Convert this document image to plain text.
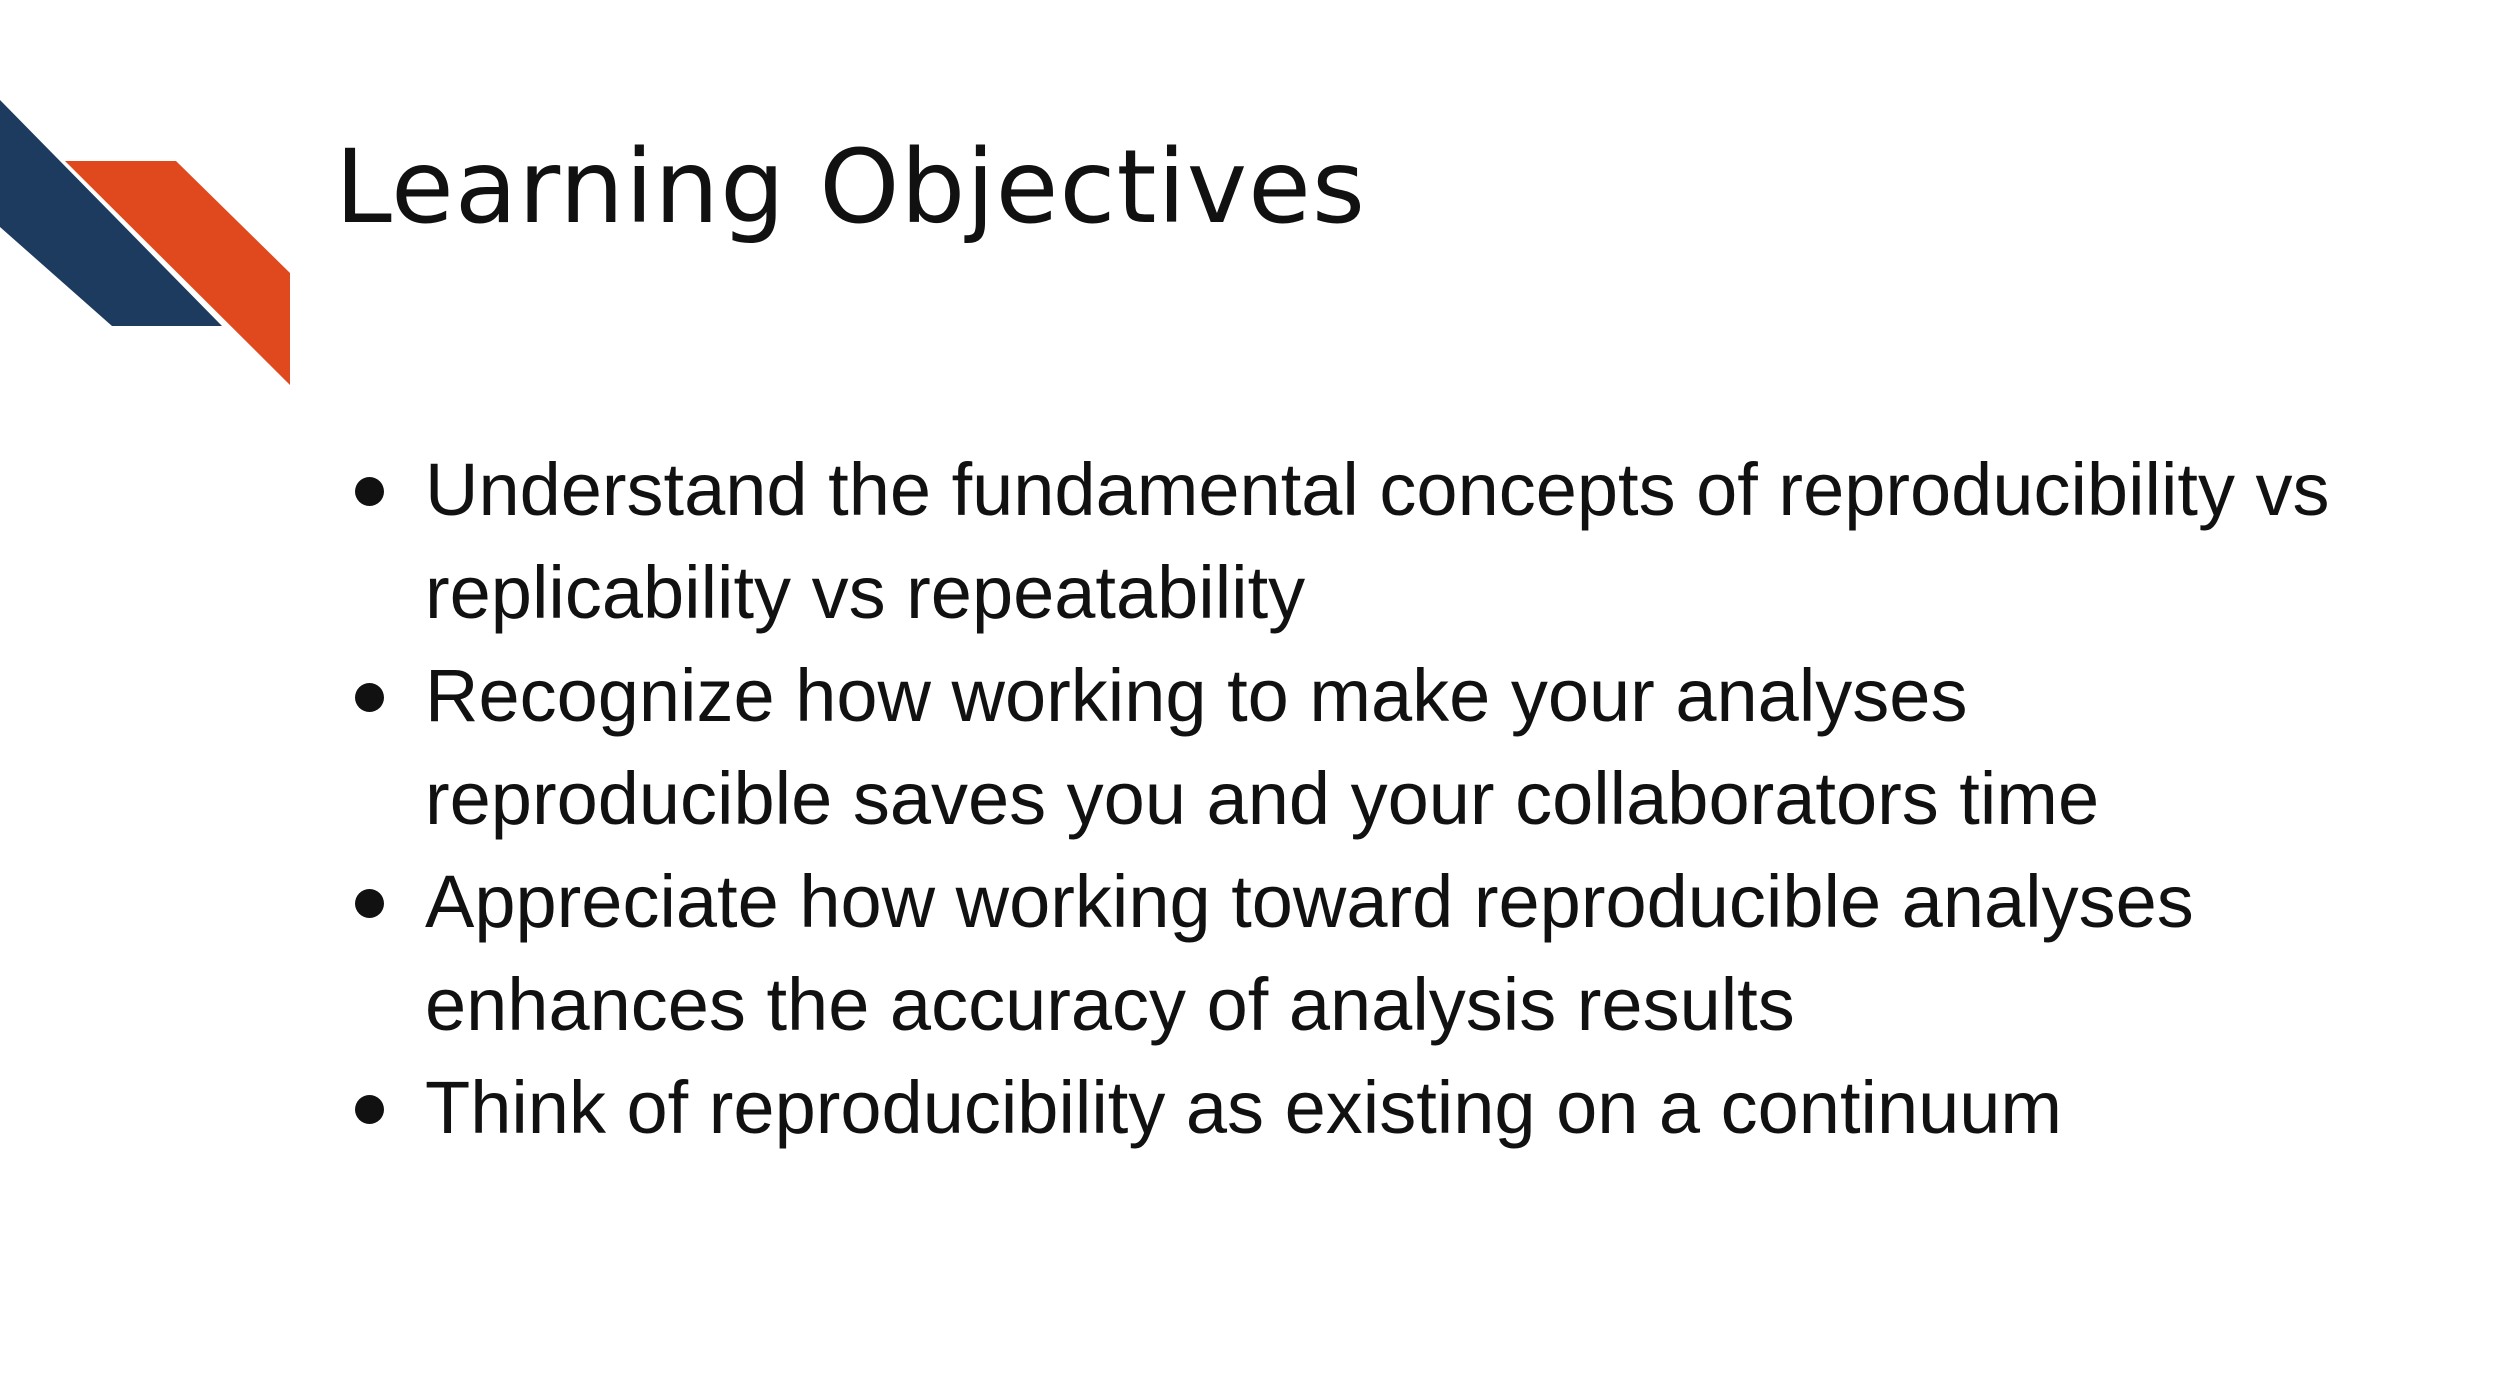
Learning Objectives
Understand the fundamental concepts of reproducibility vs replicability vs repeatability
Recognize how working to make your analyses reproducible saves you and your collaborators time
Appreciate how working toward reproducible analyses enhances the accuracy of analysis results
Think of reproducibility as existing on a continuum
